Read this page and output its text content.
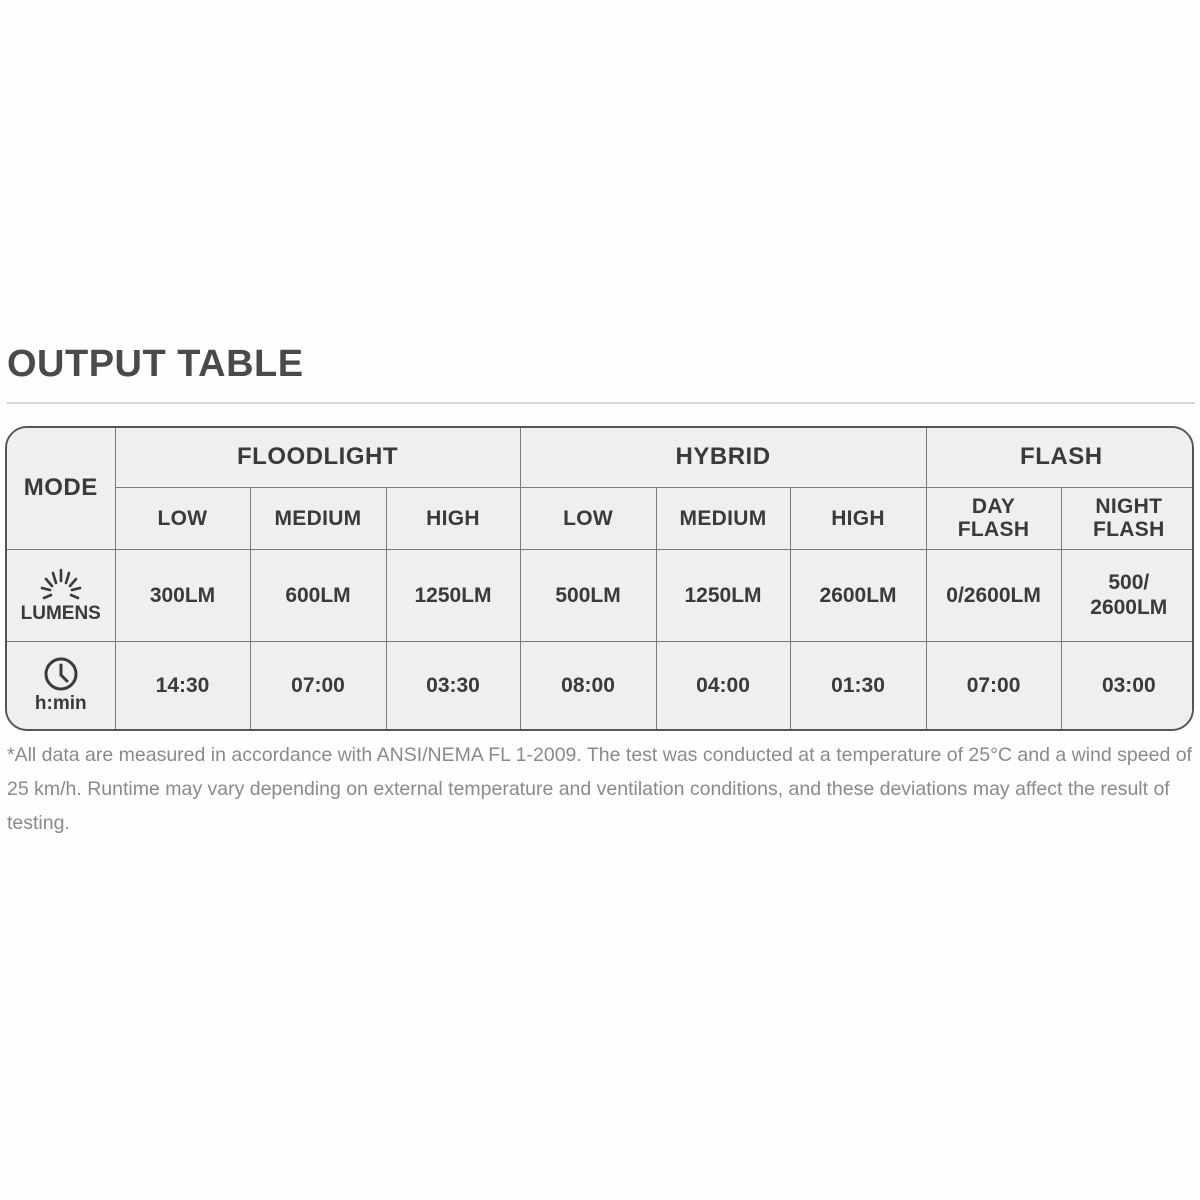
OUTPUT TABLE
MODE	FLOODLIGHT			HYBRID			FLASH	
	LOW	MEDIUM	HIGH	LOW	MEDIUM	HIGH	DAY FLASH	NIGHT FLASH

LUMENS	300LM	600LM	1250LM	500LM	1250LM	2600LM	0/2600LM	500/ 2600LM

h:min	14:30	07:00	03:30	08:00	04:00	01:30	07:00	03:00
*All data are measured in accordance with ANSI/NEMA FL 1-2009. The test was conducted at a temperature of 25°C and a wind speed of 25 km/h. Runtime may vary depending on external temperature and ventilation conditions, and these deviations may affect the result of testing.
